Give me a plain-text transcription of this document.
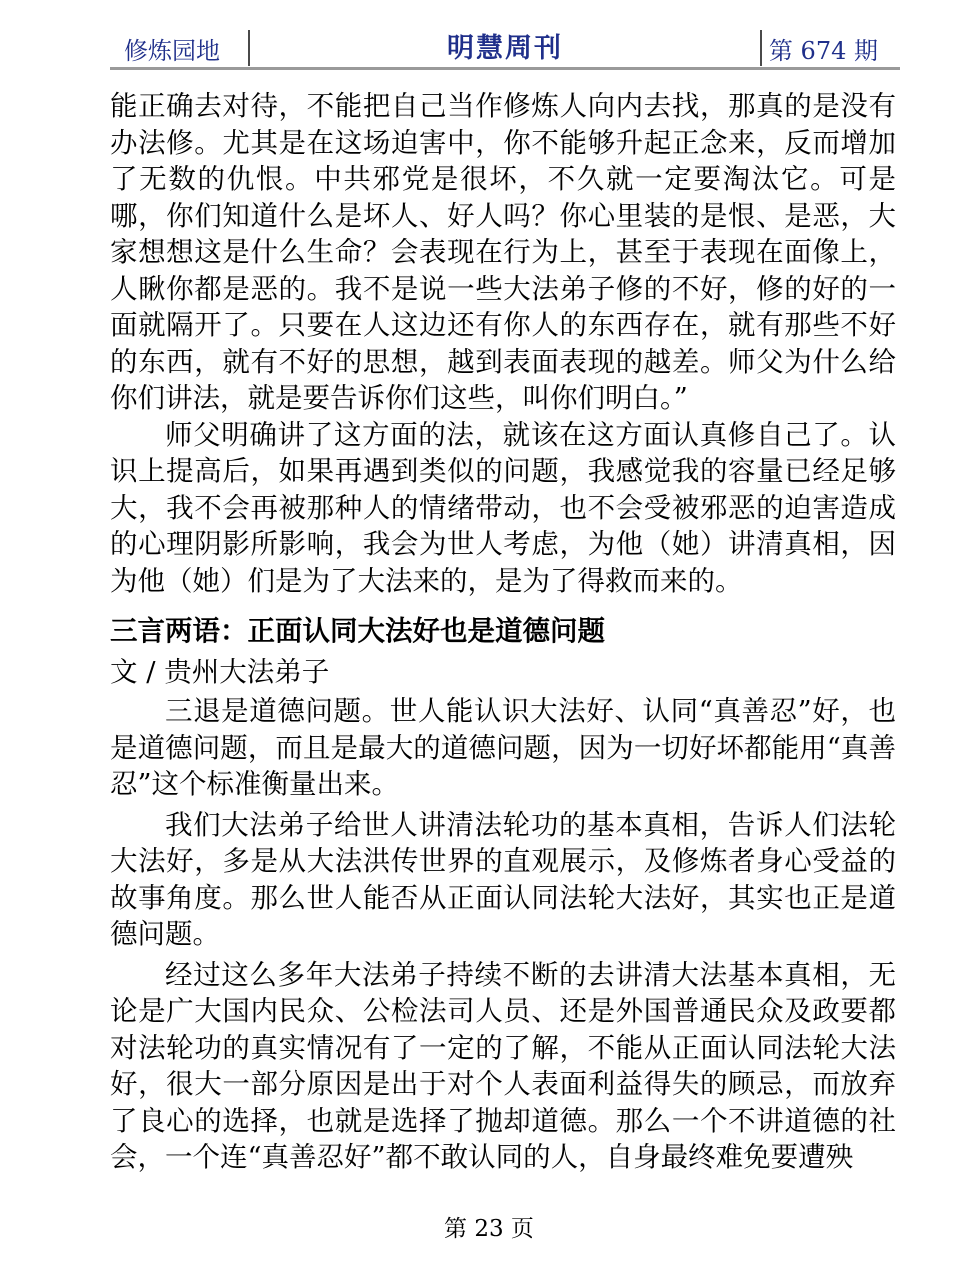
修炼园地	明慧周刊	第 674 期

能正确去对待，不能把自己当作修炼人向内去找，那真的是没有办法修。尤其是在这场迫害中，你不能够升起正念来，反而增加了无数的仇恨。中共邪党是很坏，不久就一定要淘汰它。可是哪，你们知道什么是坏人、好人吗？你心里装的是恨、是恶，大家想想这是什么生命？会表现在行为上，甚至于表现在面像上，人瞅你都是恶的。我不是说一些大法弟子修的不好，修的好的一面就隔开了。只要在人这边还有你人的东西存在，就有那些不好的东西，就有不好的思想，越到表面表现的越差。师父为什么给你们讲法，就是要告诉你们这些，叫你们明白。”

师父明确讲了这方面的法，就该在这方面认真修自己了。认识上提高后，如果再遇到类似的问题，我感觉我的容量已经足够大，我不会再被那种人的情绪带动，也不会受被邪恶的迫害造成的心理阴影所影响，我会为世人考虑，为他（她）讲清真相，因为他（她）们是为了大法来的，是为了得救而来的。

三言两语：正面认同大法好也是道德问题
文 / 贵州大法弟子

三退是道德问题。世人能认识大法好、认同“真善忍”好，也是道德问题，而且是最大的道德问题，因为一切好坏都能用“真善忍”这个标准衡量出来。

我们大法弟子给世人讲清法轮功的基本真相，告诉人们法轮大法好，多是从大法洪传世界的直观展示，及修炼者身心受益的故事角度。那么世人能否从正面认同法轮大法好，其实也正是道德问题。

经过这么多年大法弟子持续不断的去讲清大法基本真相，无论是广大国内民众、公检法司人员、还是外国普通民众及政要都对法轮功的真实情况有了一定的了解，不能从正面认同法轮大法好，很大一部分原因是出于对个人表面利益得失的顾忌，而放弃了良心的选择，也就是选择了抛却道德。那么一个不讲道德的社会，一个连“真善忍好”都不敢认同的人，自身最终难免要遭殃

第 23 页
